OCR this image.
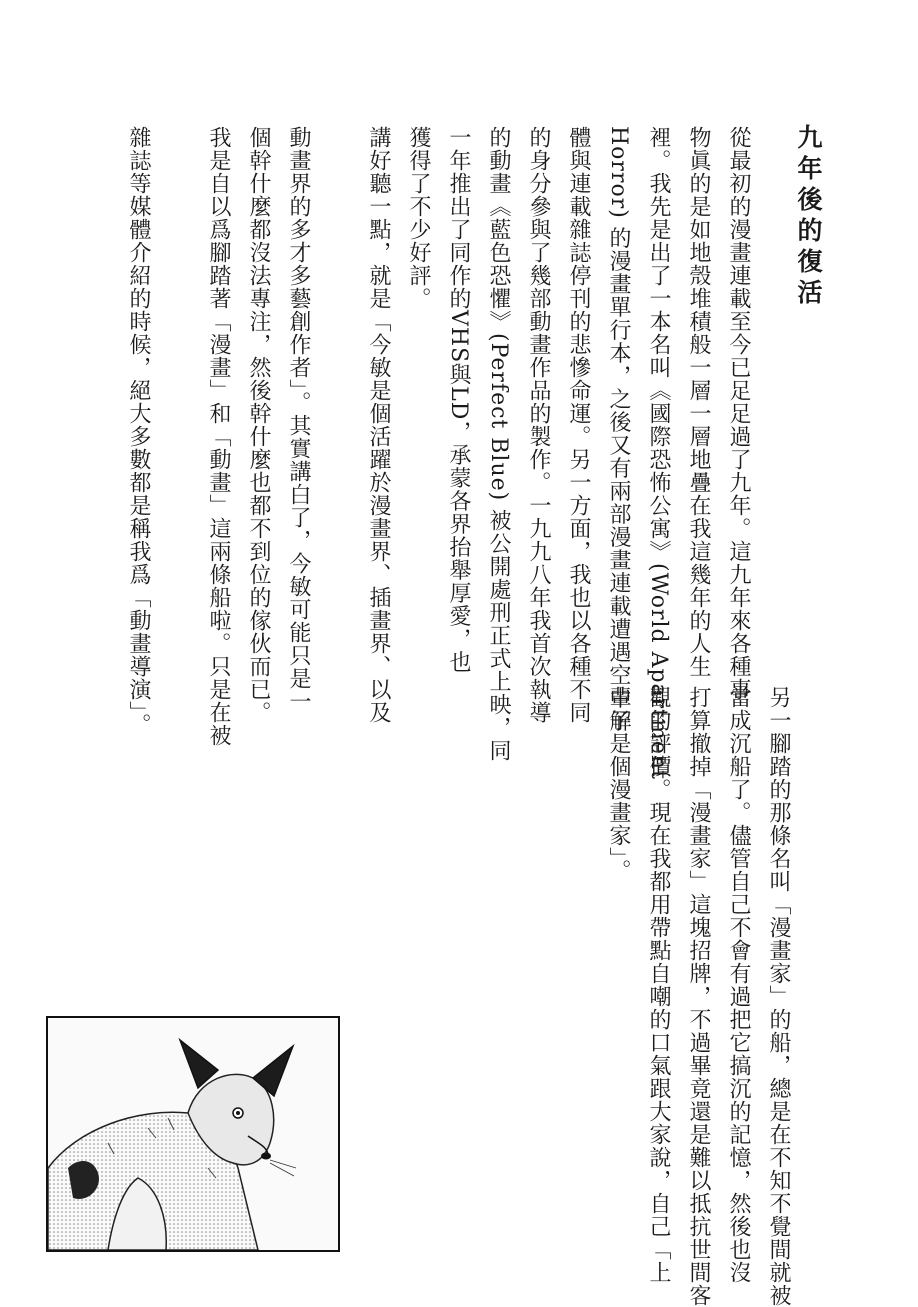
九年後的復活

從最初的漫畫連載至今已足足過了九年。這九年來各種事

物眞的是如地殼堆積般一層一層地疊在我這幾年的人生

裡。我先是出了一本名叫《國際恐怖公寓》(World Apartment

Horror) 的漫畫單行本，之後又有兩部漫畫連載遭遇空中解

體與連載雜誌停刊的悲慘命運。另一方面，我也以各種不同

的身分參與了幾部動畫作品的製作。一九九八年我首次執導

的動畫《藍色恐懼》(Perfect Blue) 被公開處刑正式上映，同

一年推出了同作的VHS與LD，承蒙各界抬舉厚愛，也

獲得了不少好評。

講好聽一點，就是「今敏是個活躍於漫畫界、插畫界、以及

動畫界的多才多藝創作者」。其實講白了，今敏可能只是一

個幹什麼都沒法專注，然後幹什麼也都不到位的傢伙而已。

我是自以爲腳踏著「漫畫」和「動畫」這兩條船啦。只是在被

雜誌等媒體介紹的時候，絕大多數都是稱我爲「動畫導演」。

另一腳踏的那條名叫「漫畫家」的船，總是在不知不覺間就被

當成沉船了。儘管自己不會有過把它搞沉的記憶，然後也沒

打算撤掉「漫畫家」這塊招牌，不過畢竟還是難以抵抗世間客

觀的評價。現在我都用帶點自嘲的口氣跟大家說，自己「上

輩子是個漫畫家」。
